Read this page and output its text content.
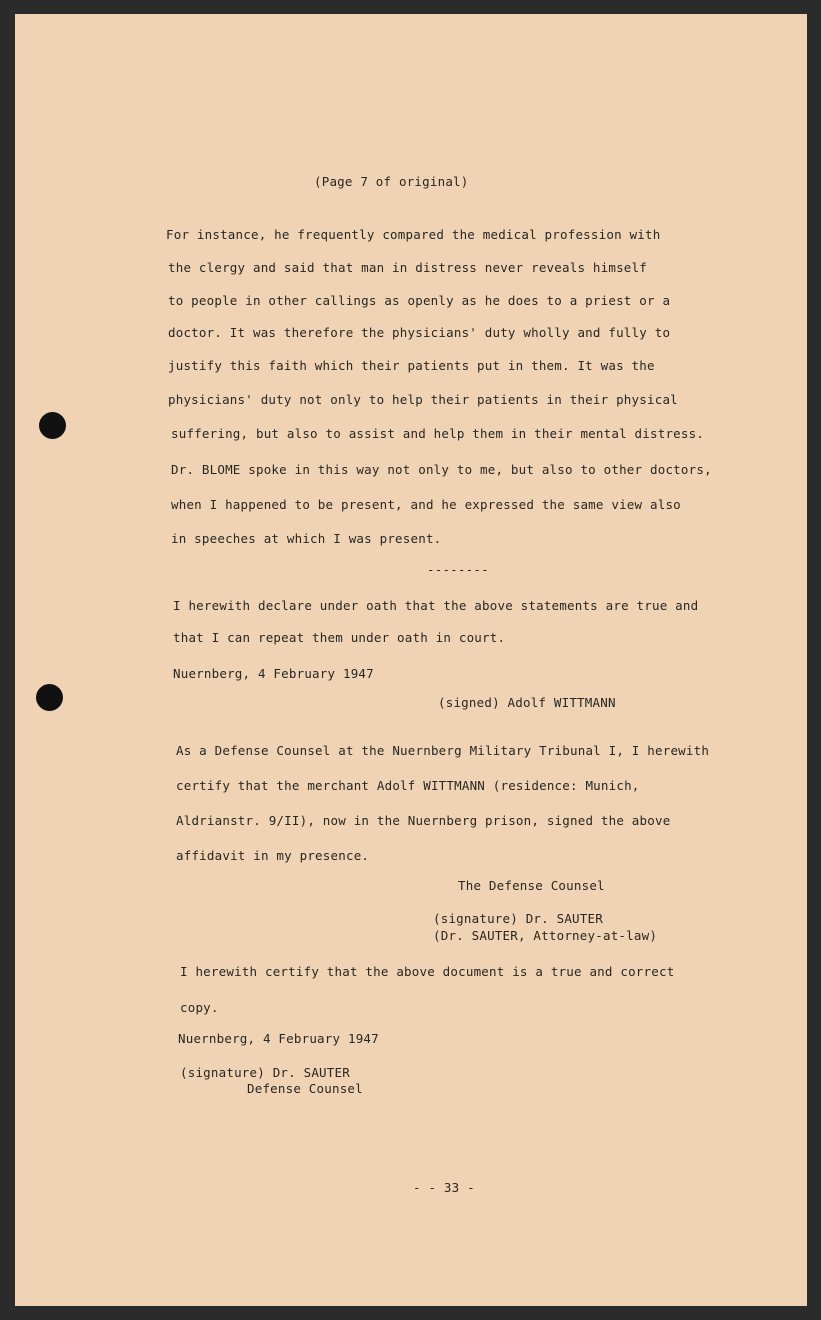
(Page 7 of original)
For instance, he frequently compared the medical profession with
the clergy and said that man in distress never reveals himself
to people in other callings as openly as he does to a priest or a
doctor. It was therefore the physicians' duty wholly and fully to
justify this faith which their patients put in them. It was the
physicians' duty not only to help their patients in their physical
suffering, but also to assist and help them in their mental distress.
Dr. BLOME spoke in this way not only to me, but also to other doctors,
when I happened to be present, and he expressed the same view also
in speeches at which I was present.
--------
I herewith declare under oath that the above statements are true and
that I can repeat them under oath in court.
Nuernberg, 4 February 1947
(signed) Adolf WITTMANN
As a Defense Counsel at the Nuernberg Military Tribunal I, I herewith
certify that the merchant Adolf WITTMANN (residence: Munich,
Aldrianstr. 9/II), now in the Nuernberg prison, signed the above
affidavit in my presence.
The Defense Counsel
(signature) Dr. SAUTER
(Dr. SAUTER, Attorney-at-law)
I herewith certify that the above document is a true and correct
copy.
Nuernberg, 4 February 1947
(signature) Dr. SAUTER
Defense Counsel
- - 33 -
